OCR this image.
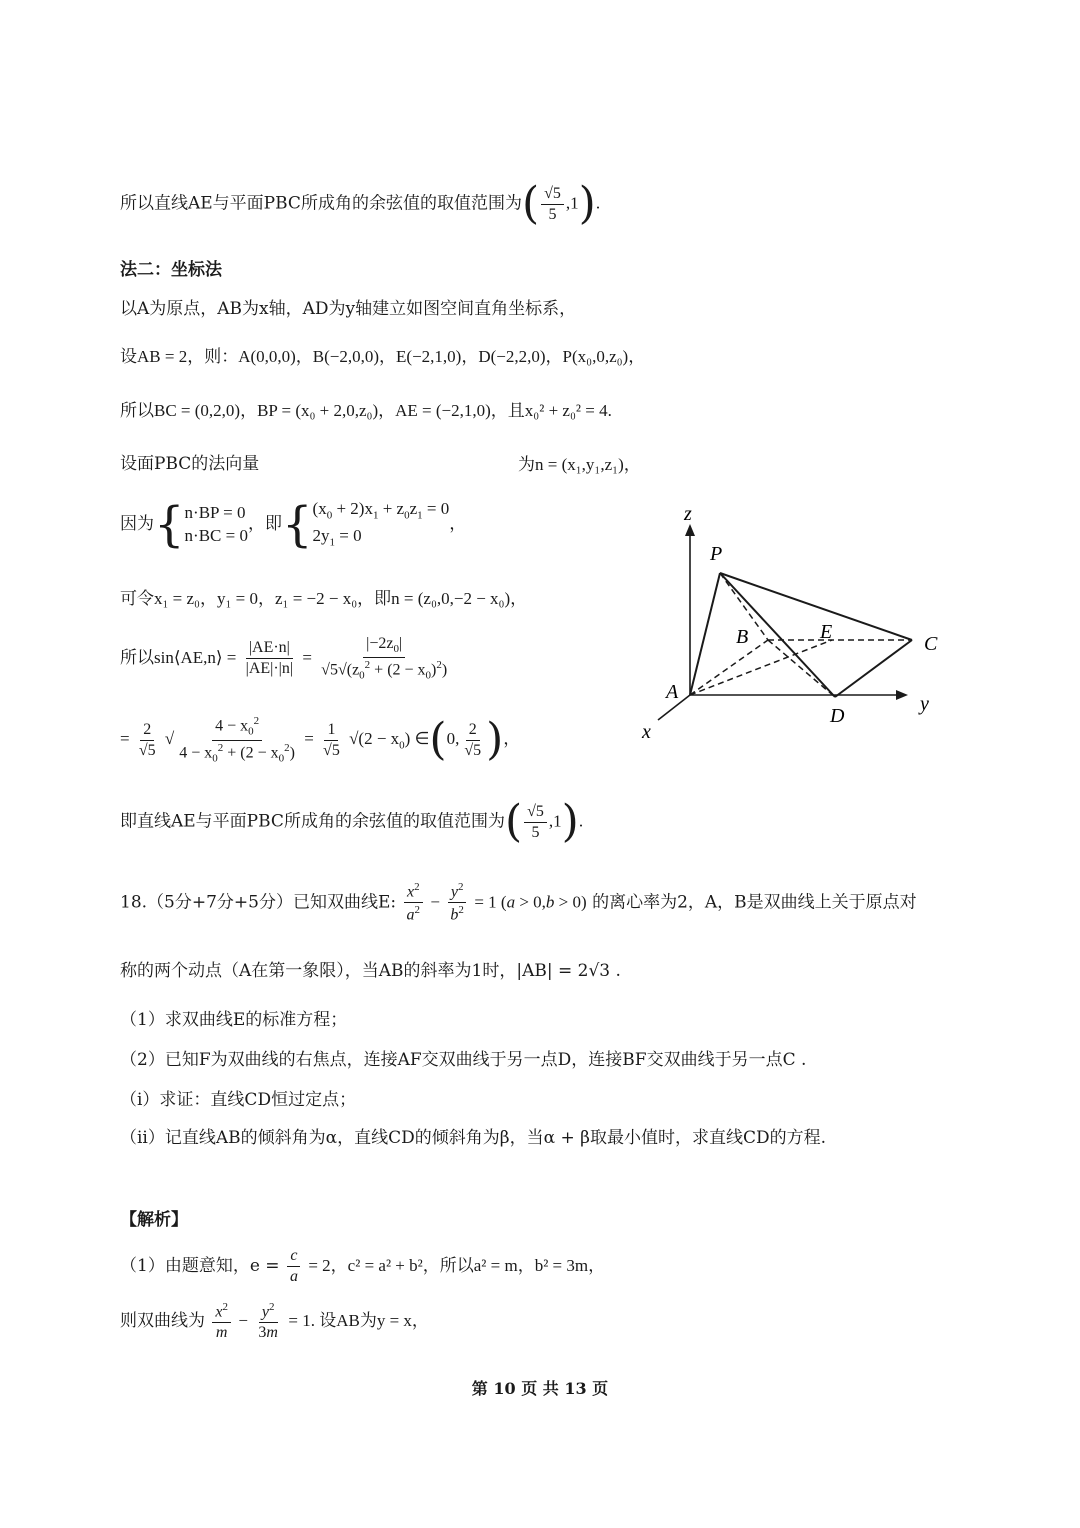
所以直线AE与平面PBC所成角的余弦值的取值范围为( $\frac{√5}{5} ,1$).
法二：坐标法
以A为原点，AB为x轴，AD为y轴建立如图空间直角坐标系，
设AB = 2，则：A(0,0,0)，B(−2,0,0)，E(−2,1,0)，D(−2,2,0)，P(x₀,0,z₀)，
所以BC = (0,2,0)，BP = (x₀ + 2,0,z₀)，AE = (−2,1,0)，且x₀² + z₀² = 4.
设面PBC的法向量	为n = (x₁,y₁,z₁)，
因为{ n·BP = 0
n·BC = 0
，即{ $(x_0 + 2)x_1 + z_0z_1 = 0$
$2y_1 = 0$
，
可令x₁ = z₀，y₁ = 0，z₁ = −2 − x₀，即n = (z₀,0,−2 − x₀)，
所以sin⟨AE,n⟩ = $\frac{|AE\cdot n|}{|AE|\cdot|n|} = \frac{|-2z_0|}{√5√(z_0^2 + (2 - x_0)^2)}$
= $\frac{2}{√5}$ √ $\frac{4 - x_0^2}{4 - x_0^2 + (2 - x_0^2)} = \frac{1}{√5} √(2 - x_0)$ ∈(0, $\frac{2}{√5}$ )，
即直线AE与平面PBC所成角的余弦值的取值范围为( $\frac{√5}{5} ,1$).
18.（5分+7分+5分）已知双曲线E: $\frac{x^2}{a^2} - \frac{y^2}{b^2} = 1$ (a > 0,b > 0) 的离心率为2，A，B是双曲线上关于原点对
称的两个动点（A在第一象限），当AB的斜率为1时，|AB| = 2√3 .
（1）求双曲线E的标准方程；
（2）已知F为双曲线的右焦点，连接AF交双曲线于另一点D，连接BF交双曲线于另一点C .
（i）求证：直线CD恒过定点；
（ii）记直线AB的倾斜角为α，直线CD的倾斜角为β，当α + β取最小值时，求直线CD的方程.
【解析】
（1）由题意知，$e = \frac{c}{a} = 2$，c² = a² + b²，所以a² = m，b² = 3m，
则双曲线为 $\frac{x^2}{m} - \frac{y^2}{3m} = 1$. 设AB为y = x，
第 10 页 共 13 页
z
P
B	E
C
A
D
x
y
